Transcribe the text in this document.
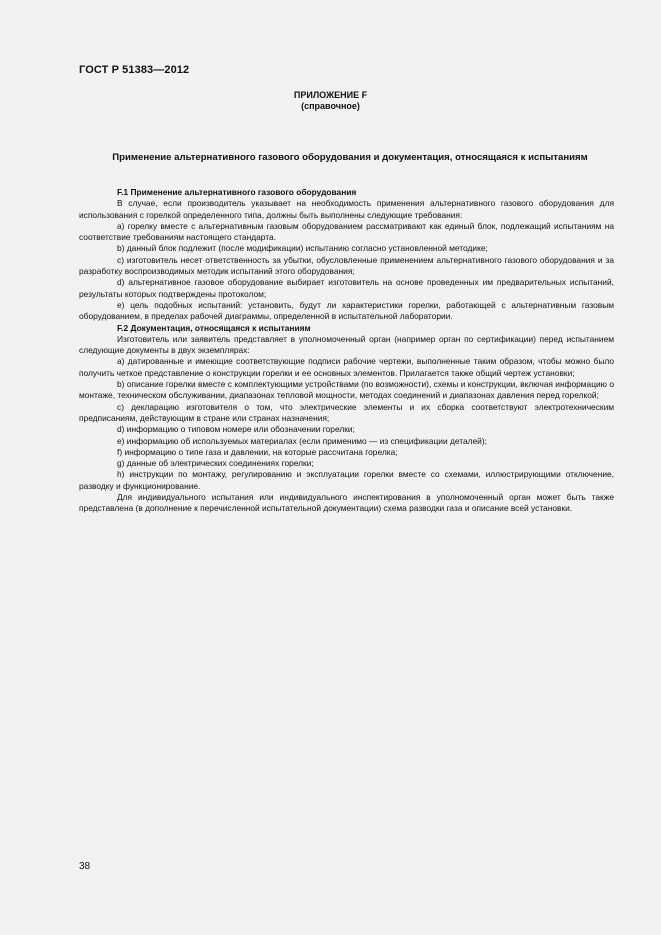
ГОСТ Р 51383—2012
ПРИЛОЖЕНИЕ F
(справочное)
Применение альтернативного газового оборудования и документация, относящаяся к испытаниям

F.1 Применение альтернативного газового оборудования

В случае, если производитель указывает на необходимость применения альтернативного газового оборудования для использования с горелкой определенного типа, должны быть выполнены следующие требования:

а) горелку вместе с альтернативным газовым оборудованием рассматривают как единый блок, подлежащий испытаниям на соответствие требованиям настоящего стандарта.

b) данный блок подлежит (после модификации) испытанию согласно установленной методике;

с) изготовитель несет ответственность за убытки, обусловленные применением альтернативного газового оборудования и за разработку воспроизводимых методик испытаний этого оборудования;

d) альтернативное газовое оборудование выбирает изготовитель на основе проведенных им предварительных испытаний, результаты которых подтверждены протоколом;

е) цель подобных испытаний: установить, будут ли характеристики горелки, работающей с альтернативным газовым оборудованием, в пределах рабочей диаграммы, определенной в испытательной лаборатории.

F.2 Документация, относящаяся к испытаниям

Изготовитель или заявитель представляет в уполномоченный орган (например орган по сертификации) перед испытанием следующие документы в двух экземплярах:

а) датированные и имеющие соответствующие подписи рабочие чертежи, выполненные таким образом, чтобы можно было получить четкое представление о конструкции горелки и ее основных элементов. Прилагается также общий чертеж установки;

b) описание горелки вместе с комплектующими устройствами (по возможности), схемы и конструкции, включая информацию о монтаже, техническом обслуживании, диапазонах тепловой мощности, методах соединений и диапазонах давления перед горелкой;

с) декларацию изготовителя о том, что электрические элементы и их сборка соответствуют электротехническим предписаниям, действующим в стране или странах назначения;

d) информацию о типовом номере или обозначении горелки;

е) информацию об используемых материалах (если применимо — из спецификации деталей);

f) информацию о типе газа и давлении, на которые рассчитана горелка;

g) данные об электрических соединениях горелки;

h) инструкции по монтажу, регулированию и эксплуатации горелки вместе со схемами, иллюстрирующими отключение, разводку и функционирование.

Для индивидуального испытания или индивидуального инспектирования в уполномоченный орган может быть также представлена (в дополнение к перечисленной испытательной документации) схема разводки газа и описание всей установки.

38
